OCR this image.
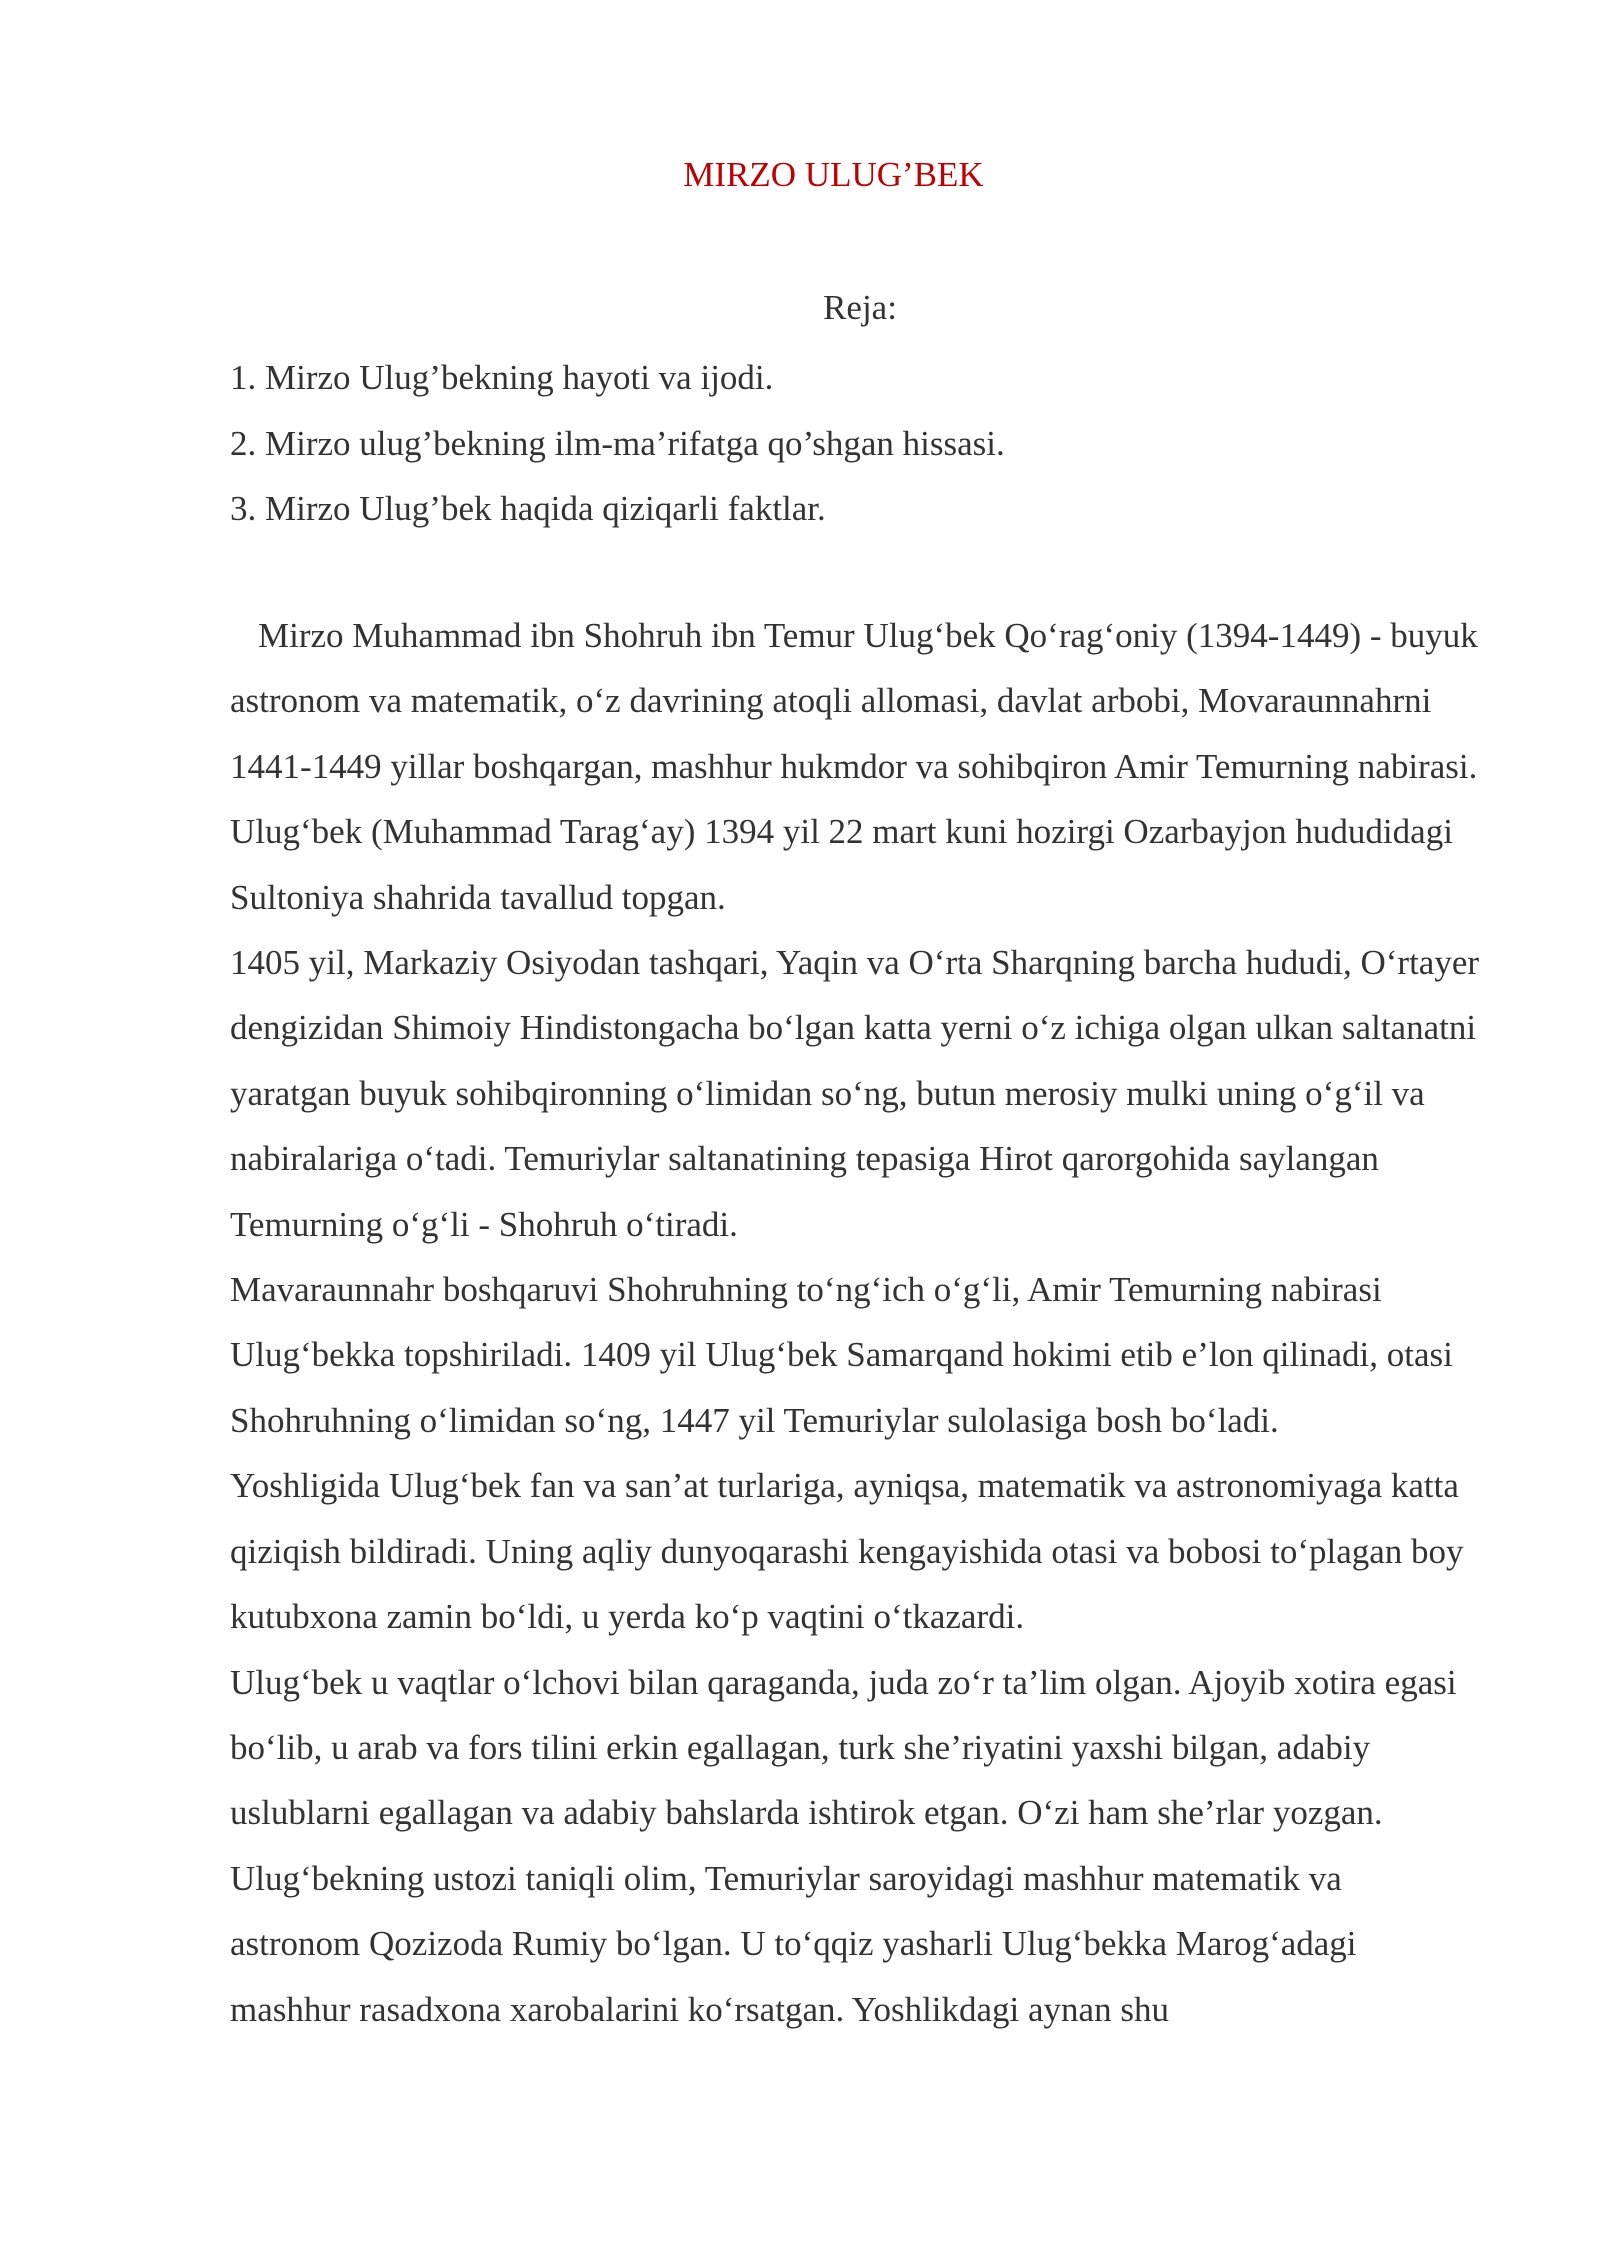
MIRZO ULUG’BEK
Reja:
1. Mirzo Ulug’bekning hayoti va ijodi.
2. Mirzo ulug’bekning ilm-ma’rifatga qo’shgan hissasi.
3. Mirzo Ulug’bek haqida qiziqarli faktlar.

Mirzo Muhammad ibn Shohruh ibn Temur Ulug‘bek Qo‘rag‘oniy (1394-1449) - buyuk astronom va matematik, o‘z davrining atoqli allomasi, davlat arbobi, Movaraunnahrni 1441-1449 yillar boshqargan, mashhur hukmdor va sohibqiron Amir Temurning nabirasi.

Ulug‘bek (Muhammad Tarag‘ay) 1394 yil 22 mart kuni hozirgi Ozarbayjon hududidagi Sultoniya shahrida tavallud topgan.

1405 yil, Markaziy Osiyodan tashqari, Yaqin va O‘rta Sharqning barcha hududi, O‘rtayer dengizidan Shimoiy Hindistongacha bo‘lgan katta yerni o‘z ichiga olgan ulkan saltanatni yaratgan buyuk sohibqironning o‘limidan so‘ng, butun merosiy mulki uning o‘g‘il va nabiralariga o‘tadi. Temuriylar saltanatining tepasiga Hirot qarorgohida saylangan Temurning o‘g‘li - Shohruh o‘tiradi.

Mavaraunnahr boshqaruvi Shohruhning to‘ng‘ich o‘g‘li, Amir Temurning nabirasi Ulug‘bekka topshiriladi. 1409 yil Ulug‘bek Samarqand hokimi etib e’lon qilinadi, otasi Shohruhning o‘limidan so‘ng, 1447 yil Temuriylar sulolasiga bosh bo‘ladi.

Yoshligida Ulug‘bek fan va san’at turlariga, ayniqsa, matematik va astronomiyaga katta qiziqish bildiradi. Uning aqliy dunyoqarashi kengayishida otasi va bobosi to‘plagan boy kutubxona zamin bo‘ldi, u yerda ko‘p vaqtini o‘tkazardi.

Ulug‘bek u vaqtlar o‘lchovi bilan qaraganda, juda zo‘r ta’lim olgan. Ajoyib xotira egasi bo‘lib, u arab va fors tilini erkin egallagan, turk she’riyatini yaxshi bilgan, adabiy uslublarni egallagan va adabiy bahslarda ishtirok etgan. O‘zi ham she’rlar yozgan. Ulug‘bekning ustozi taniqli olim, Temuriylar saroyidagi mashhur matematik va astronom Qozizoda Rumiy bo‘lgan. U to‘qqiz yasharli Ulug‘bekka Marog‘adagi mashhur rasadxona xarobalarini ko‘rsatgan. Yoshlikdagi aynan shu
